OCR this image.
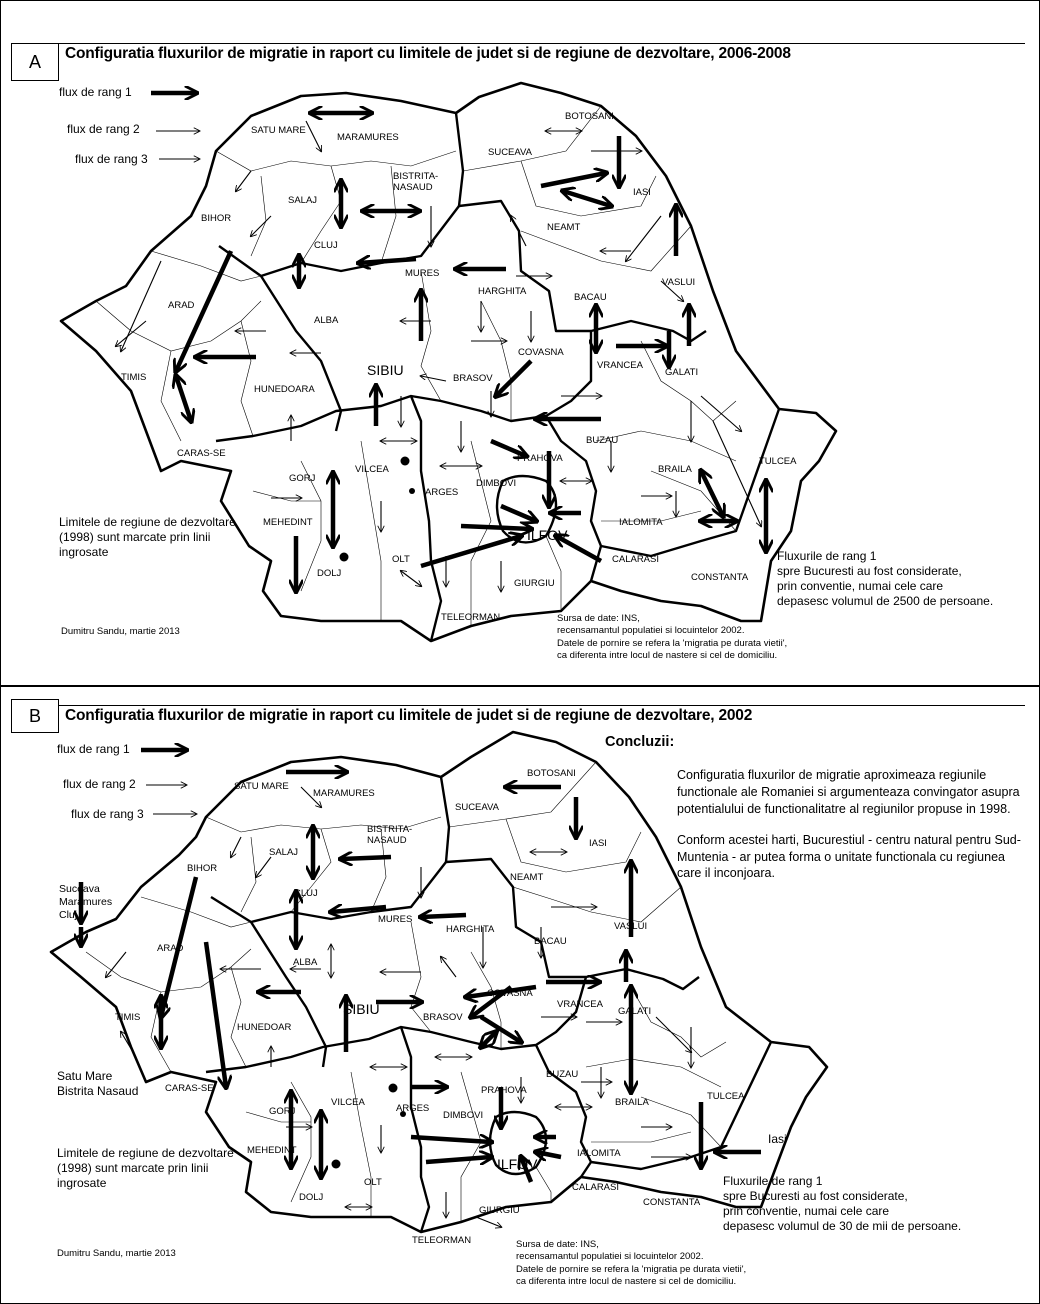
A	Configuratia fluxurilor de migratie in raport cu limitele de judet si de regiune de dezvoltare, 2006-2008
flux de rang 1
flux de rang 2
flux de rang 3
SATU MARE
MARAMURES
BOTOSANI
SUCEAVA
BISTRITA-
NASAUD
SALAJ
IASI
BIHOR
NEAMT
CLUJ
MURES
HARGHITA
VASLUI
ARAD
BACAU
ALBA
COVASNA
TIMIS	SIBIU	VRANCEA
HUNEDOARA
BRASOV
GALATI
BUZAU
CARAS-SE	PRAHOVA
BRAILA
TULCEA
GORJ
VILCEA
ARGES
DIMBOVI
MEHEDINT	IALOMITA
ILFOV
CALARASI
OLT
DOLJ
GIURGIU
CONSTANTA
TELEORMAN
Limitele de regiune de dezvoltare (1998) sunt marcate prin linii ingrosate	Fluxurile de rang 1
spre Bucuresti au fost considerate,
prin conventie, numai cele care
depasesc volumul de 2500 de persoane.
Dumitru Sandu, martie 2013
Sursa de date: INS,
recensamantul populatiei si locuintelor 2002.
Datele de pornire se refera la 'migratia pe durata vietii',
ca diferenta intre locul de nastere si cel de domiciliu.
B	Configuratia fluxurilor de migratie in raport cu limitele de judet si de regiune de dezvoltare, 2002
flux de rang 1
flux de rang 2
flux de rang 3
Concluzii:

Configuratia fluxurilor de migratie aproximeaza regiunile functionale ale Romaniei si argumenteaza convingator asupra potentialului de functionalitatre al regiunilor propuse in 1998.

Conform acestei harti, Bucurestiul - centru natural pentru Sud-Muntenia - ar putea forma o unitate functionala cu regiunea care il inconjoara.

Suceava
Maramures
Cluj
Satu Mare
Bistrita Nasaud
Iasi
SATU MARE
MARAMURES
BOTOSANI
SUCEAVA
BISTRITA-
NASAUD
SALAJ
IASI
BIHOR
NEAMT
CLUJ
MURES
HARGHITA	VASLUI
ARAD
BACAU
ALBA
COVASNA
TIMIS
SIBIU	VRANCEA
HUNEDOAR
BRASOV
GALATI
BUZAU
CARAS-SE	PRAHOVA
BRAILA
TULCEA
GORJ
VILCEA
ARGES
DIMBOVI
MEHEDINT	IALOMITA
ILFOV
CALARASI
OLT
DOLJ
GIURGIU
CONSTANTA
TELEORMAN
Limitele de regiune de dezvoltare (1998) sunt marcate prin linii ingrosate	Fluxurile de rang 1
spre Bucuresti au fost considerate,
prin conventie, numai cele care
depasesc volumul de 30 de mii de persoane.
Dumitru Sandu, martie 2013
Sursa de date: INS,
recensamantul populatiei si locuintelor 2002.
Datele de pornire se refera la 'migratia pe durata vietii',
ca diferenta intre locul de nastere si cel de domiciliu.
